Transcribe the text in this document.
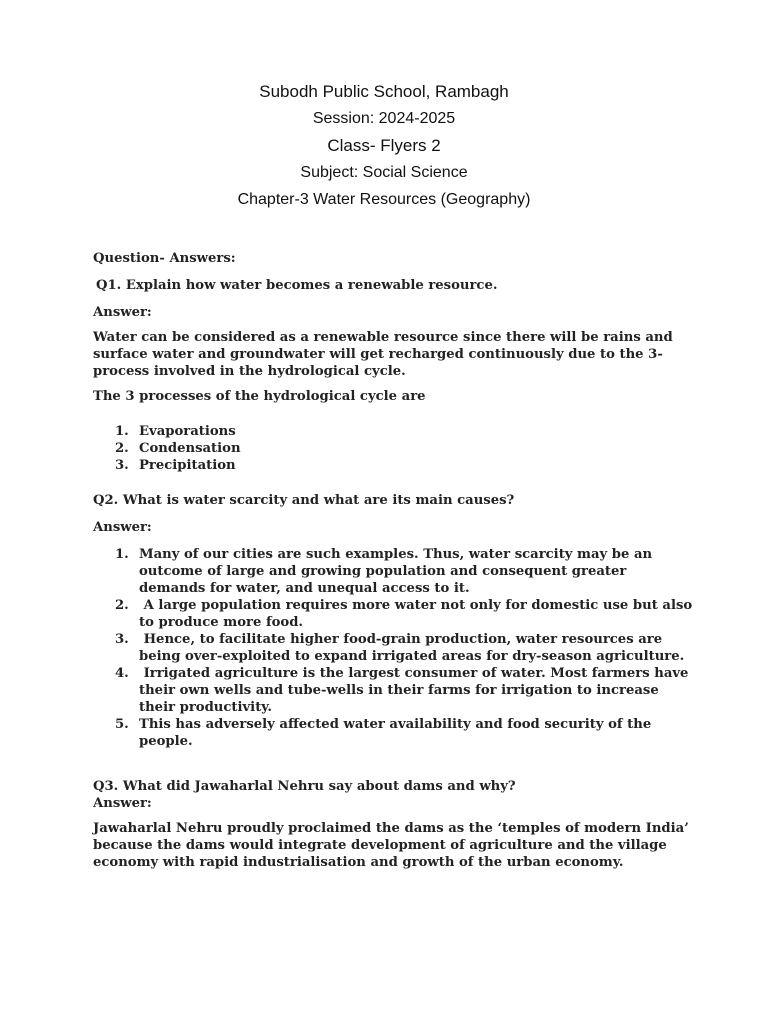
Subodh Public School, Rambagh
Session: 2024-2025
Class- Flyers 2
Subject: Social Science
Chapter-3 Water Resources (Geography)

Question- Answers:

Q1. Explain how water becomes a renewable resource.

Answer:

Water can be considered as a renewable resource since there will be rains and surface water and groundwater will get recharged continuously due to the 3-process involved in the hydrological cycle.

The 3 processes of the hydrological cycle are

1. Evaporations
2. Condensation
3. Precipitation

Q2. What is water scarcity and what are its main causes?

Answer:

1. Many of our cities are such examples. Thus, water scarcity may be an outcome of large and growing population and consequent greater demands for water, and unequal access to it.
2. A large population requires more water not only for domestic use but also to produce more food.
3. Hence, to facilitate higher food-grain production, water resources are being over-exploited to expand irrigated areas for dry-season agriculture.
4. Irrigated agriculture is the largest consumer of water. Most farmers have their own wells and tube-wells in their farms for irrigation to increase their productivity.
5. This has adversely affected water availability and food security of the people.

Q3. What did Jawaharlal Nehru say about dams and why?

Answer:

Jawaharlal Nehru proudly proclaimed the dams as the ‘temples of modern India’ because the dams would integrate development of agriculture and the village economy with rapid industrialisation and growth of the urban economy.
